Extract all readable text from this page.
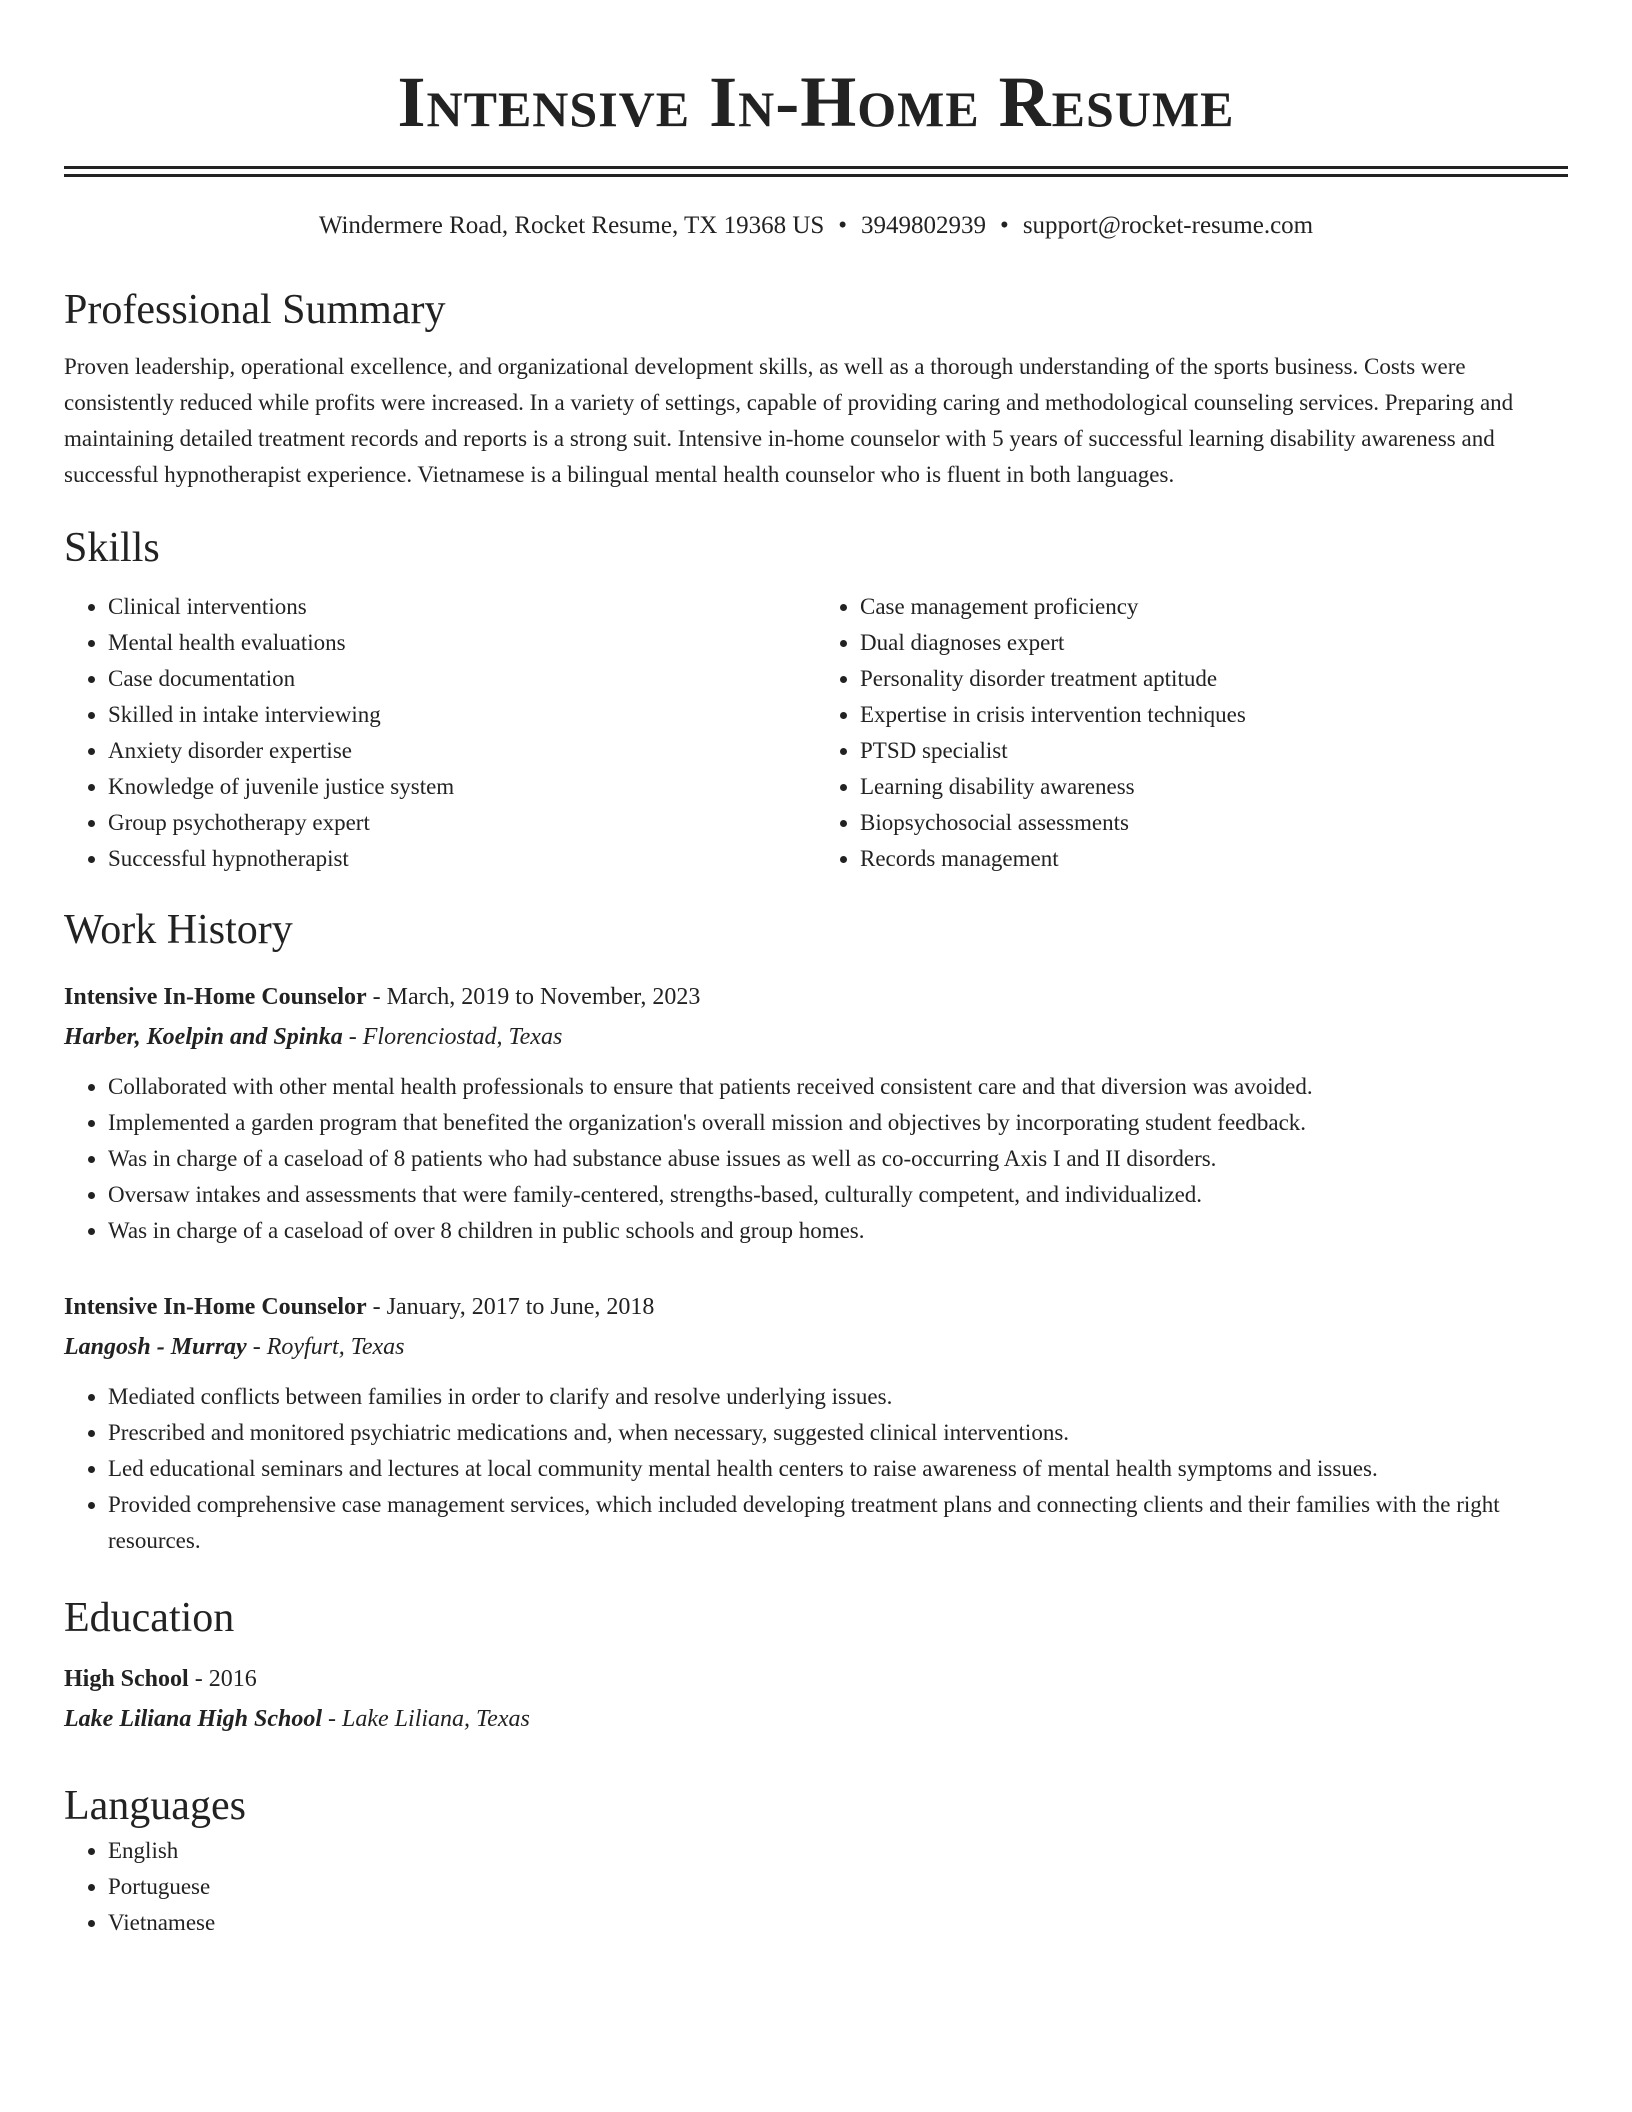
Intensive In-Home Resume
Windermere Road, Rocket Resume, TX 19368 US • 3949802939 • support@rocket-resume.com
Professional Summary

Proven leadership, operational excellence, and organizational development skills, as well as a thorough understanding of the sports business. Costs were consistently reduced while profits were increased. In a variety of settings, capable of providing caring and methodological counseling services. Preparing and maintaining detailed treatment records and reports is a strong suit. Intensive in-home counselor with 5 years of successful learning disability awareness and successful hypnotherapist experience. Vietnamese is a bilingual mental health counselor who is fluent in both languages.

Skills
• Clinical interventions
• Mental health evaluations
• Case documentation
• Skilled in intake interviewing
• Anxiety disorder expertise
• Knowledge of juvenile justice system
• Group psychotherapy expert
• Successful hypnotherapist
• Case management proficiency
• Dual diagnoses expert
• Personality disorder treatment aptitude
• Expertise in crisis intervention techniques
• PTSD specialist
• Learning disability awareness
• Biopsychosocial assessments
• Records management
Work History
Intensive In-Home Counselor - March, 2019 to November, 2023
Harber, Koelpin and Spinka - Florenciostad, Texas
• Collaborated with other mental health professionals to ensure that patients received consistent care and that diversion was avoided.
• Implemented a garden program that benefited the organization's overall mission and objectives by incorporating student feedback.
• Was in charge of a caseload of 8 patients who had substance abuse issues as well as co-occurring Axis I and II disorders.
• Oversaw intakes and assessments that were family-centered, strengths-based, culturally competent, and individualized.
• Was in charge of a caseload of over 8 children in public schools and group homes.
Intensive In-Home Counselor - January, 2017 to June, 2018
Langosh - Murray - Royfurt, Texas
• Mediated conflicts between families in order to clarify and resolve underlying issues.
• Prescribed and monitored psychiatric medications and, when necessary, suggested clinical interventions.
• Led educational seminars and lectures at local community mental health centers to raise awareness of mental health symptoms and issues.
• Provided comprehensive case management services, which included developing treatment plans and connecting clients and their families with the right resources.
Education
High School - 2016
Lake Liliana High School - Lake Liliana, Texas
Languages
• English
• Portuguese
• Vietnamese
